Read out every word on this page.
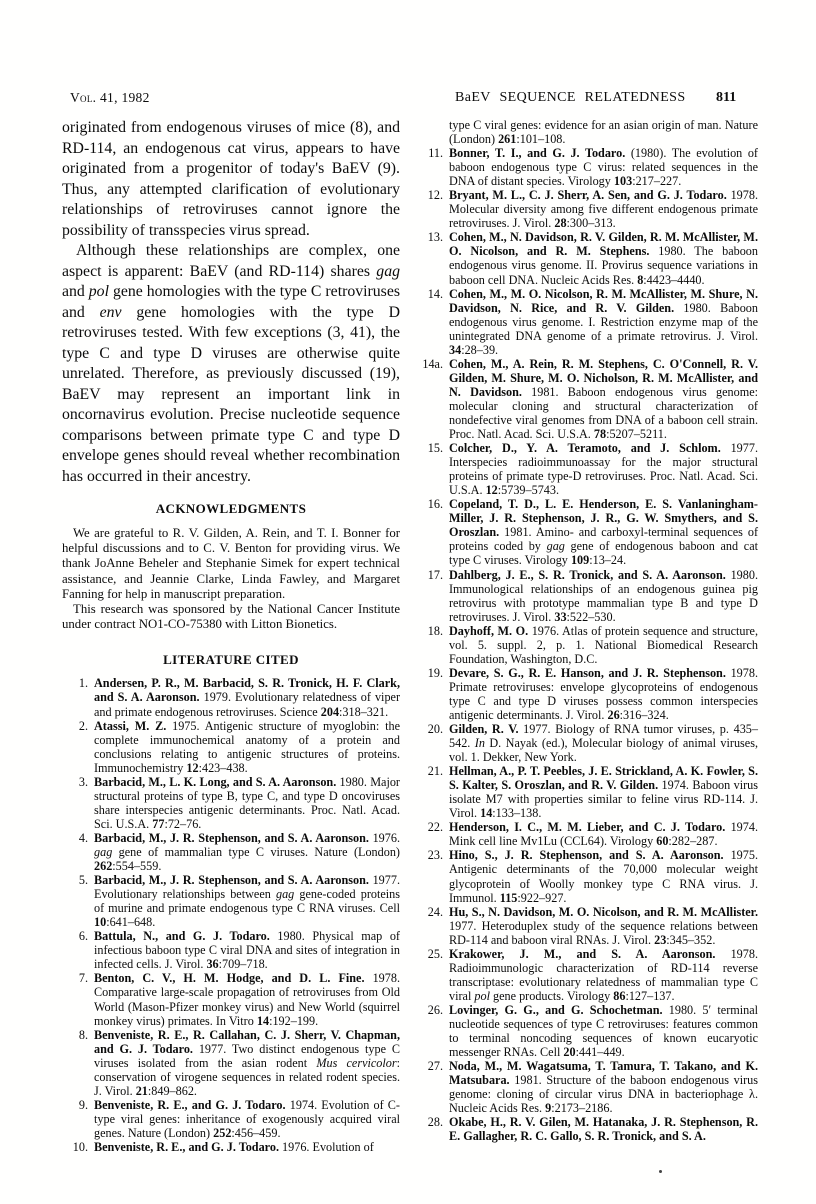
Vol. 41, 1982	BaEV SEQUENCE RELATEDNESS 811
originated from endogenous viruses of mice (8), and RD-114, an endogenous cat virus, appears to have originated from a progenitor of today's BaEV (9). Thus, any attempted clarification of evolutionary relationships of retroviruses cannot ignore the possibility of transspecies virus spread.
Although these relationships are complex, one aspect is apparent: BaEV (and RD-114) shares gag and pol gene homologies with the type C retroviruses and env gene homologies with the type D retroviruses tested. With few exceptions (3, 41), the type C and type D viruses are otherwise quite unrelated. Therefore, as previously discussed (19), BaEV may represent an important link in oncornavirus evolution. Precise nucleotide sequence comparisons between primate type C and type D envelope genes should reveal whether recombination has occurred in their ancestry.
ACKNOWLEDGMENTS
We are grateful to R. V. Gilden, A. Rein, and T. I. Bonner for helpful discussions and to C. V. Benton for providing virus. We thank JoAnne Beheler and Stephanie Simek for expert technical assistance, and Jeannie Clarke, Linda Fawley, and Margaret Fanning for help in manuscript preparation.
This research was sponsored by the National Cancer Institute under contract NO1-CO-75380 with Litton Bionetics.
LITERATURE CITED
1. Andersen, P. R., M. Barbacid, S. R. Tronick, H. F. Clark, and S. A. Aaronson. 1979. Evolutionary relatedness of viper and primate endogenous retroviruses. Science 204:318–321.
2. Atassi, M. Z. 1975. Antigenic structure of myoglobin: the complete immunochemical anatomy of a protein and conclusions relating to antigenic structures of proteins. Immunochemistry 12:423–438.
3. Barbacid, M., L. K. Long, and S. A. Aaronson. 1980. Major structural proteins of type B, type C, and type D oncoviruses share interspecies antigenic determinants. Proc. Natl. Acad. Sci. U.S.A. 77:72–76.
4. Barbacid, M., J. R. Stephenson, and S. A. Aaronson. 1976. gag gene of mammalian type C viruses. Nature (London) 262:554–559.
5. Barbacid, M., J. R. Stephenson, and S. A. Aaronson. 1977. Evolutionary relationships between gag gene-coded proteins of murine and primate endogenous type C RNA viruses. Cell 10:641–648.
6. Battula, N., and G. J. Todaro. 1980. Physical map of infectious baboon type C viral DNA and sites of integration in infected cells. J. Virol. 36:709–718.
7. Benton, C. V., H. M. Hodge, and D. L. Fine. 1978. Comparative large-scale propagation of retroviruses from Old World (Mason-Pfizer monkey virus) and New World (squirrel monkey virus) primates. In Vitro 14:192–199.
8. Benveniste, R. E., R. Callahan, C. J. Sherr, V. Chapman, and G. J. Todaro. 1977. Two distinct endogenous type C viruses isolated from the asian rodent Mus cervicolor: conservation of virogene sequences in related rodent species. J. Virol. 21:849–862.
9. Benveniste, R. E., and G. J. Todaro. 1974. Evolution of C-type viral genes: inheritance of exogenously acquired viral genes. Nature (London) 252:456–459.
10. Benveniste, R. E., and G. J. Todaro. 1976. Evolution of
type C viral genes: evidence for an asian origin of man. Nature (London) 261:101–108.
11. Bonner, T. I., and G. J. Todaro. (1980). The evolution of baboon endogenous type C virus: related sequences in the DNA of distant species. Virology 103:217–227.
12. Bryant, M. L., C. J. Sherr, A. Sen, and G. J. Todaro. 1978. Molecular diversity among five different endogenous primate retroviruses. J. Virol. 28:300–313.
13. Cohen, M., N. Davidson, R. V. Gilden, R. M. McAllister, M. O. Nicolson, and R. M. Stephens. 1980. The baboon endogenous virus genome. II. Provirus sequence variations in baboon cell DNA. Nucleic Acids Res. 8:4423–4440.
14. Cohen, M., M. O. Nicolson, R. M. McAllister, M. Shure, N. Davidson, N. Rice, and R. V. Gilden. 1980. Baboon endogenous virus genome. I. Restriction enzyme map of the unintegrated DNA genome of a primate retrovirus. J. Virol. 34:28–39.
14a. Cohen, M., A. Rein, R. M. Stephens, C. O'Connell, R. V. Gilden, M. Shure, M. O. Nicholson, R. M. McAllister, and N. Davidson. 1981. Baboon endogenous virus genome: molecular cloning and structural characterization of nondefective viral genomes from DNA of a baboon cell strain. Proc. Natl. Acad. Sci. U.S.A. 78:5207–5211.
15. Colcher, D., Y. A. Teramoto, and J. Schlom. 1977. Interspecies radioimmunoassay for the major structural proteins of primate type-D retroviruses. Proc. Natl. Acad. Sci. U.S.A. 12:5739–5743.
16. Copeland, T. D., L. E. Henderson, E. S. Vanlaningham-Miller, J. R. Stephenson, J. R., G. W. Smythers, and S. Oroszlan. 1981. Amino- and carboxyl-terminal sequences of proteins coded by gag gene of endogenous baboon and cat type C viruses. Virology 109:13–24.
17. Dahlberg, J. E., S. R. Tronick, and S. A. Aaronson. 1980. Immunological relationships of an endogenous guinea pig retrovirus with prototype mammalian type B and type D retroviruses. J. Virol. 33:522–530.
18. Dayhoff, M. O. 1976. Atlas of protein sequence and structure, vol. 5. suppl. 2, p. 1. National Biomedical Research Foundation, Washington, D.C.
19. Devare, S. G., R. E. Hanson, and J. R. Stephenson. 1978. Primate retroviruses: envelope glycoproteins of endogenous type C and type D viruses possess common interspecies antigenic determinants. J. Virol. 26:316–324.
20. Gilden, R. V. 1977. Biology of RNA tumor viruses, p. 435–542. In D. Nayak (ed.), Molecular biology of animal viruses, vol. 1. Dekker, New York.
21. Hellman, A., P. T. Peebles, J. E. Strickland, A. K. Fowler, S. S. Kalter, S. Oroszlan, and R. V. Gilden. 1974. Baboon virus isolate M7 with properties similar to feline virus RD-114. J. Virol. 14:133–138.
22. Henderson, I. C., M. M. Lieber, and C. J. Todaro. 1974. Mink cell line Mv1Lu (CCL64). Virology 60:282–287.
23. Hino, S., J. R. Stephenson, and S. A. Aaronson. 1975. Antigenic determinants of the 70,000 molecular weight glycoprotein of Woolly monkey type C RNA virus. J. Immunol. 115:922–927.
24. Hu, S., N. Davidson, M. O. Nicolson, and R. M. McAllister. 1977. Heteroduplex study of the sequence relations between RD-114 and baboon viral RNAs. J. Virol. 23:345–352.
25. Krakower, J. M., and S. A. Aaronson. 1978. Radioimmunologic characterization of RD-114 reverse transcriptase: evolutionary relatedness of mammalian type C viral pol gene products. Virology 86:127–137.
26. Lovinger, G. G., and G. Schochetman. 1980. 5′ terminal nucleotide sequences of type C retroviruses: features common to terminal noncoding sequences of known eucaryotic messenger RNAs. Cell 20:441–449.
27. Noda, M., M. Wagatsuma, T. Tamura, T. Takano, and K. Matsubara. 1981. Structure of the baboon endogenous virus genome: cloning of circular virus DNA in bacteriophage λ. Nucleic Acids Res. 9:2173–2186.
28. Okabe, H., R. V. Gilen, M. Hatanaka, J. R. Stephenson, R. E. Gallagher, R. C. Gallo, S. R. Tronick, and S. A.
